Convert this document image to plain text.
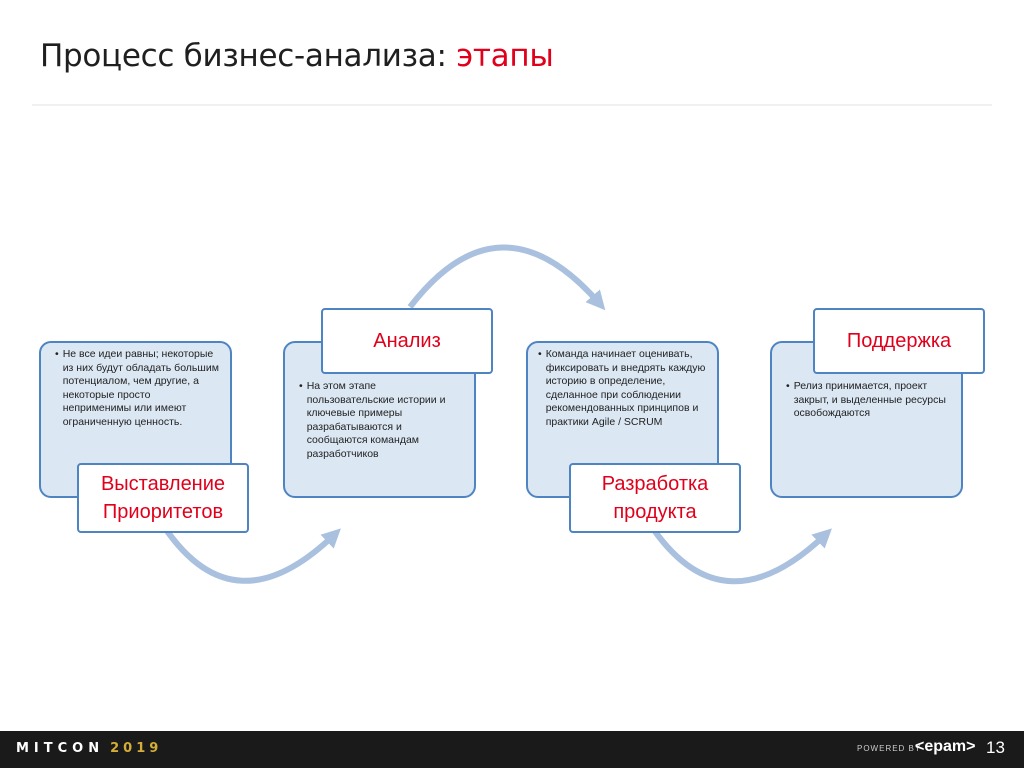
Процесс бизнес-анализа: этапы
• Не все идеи равны; некоторые из них будут обладать большим потенциалом, чем другие, а некоторые просто неприменимы или имеют ограниченную ценность.
Выставление
Приоритетов
• На этом этапе пользовательские истории и ключевые примеры разрабатываются и сообщаются командам разработчиков
Анализ
• Команда начинает оценивать, фиксировать и внедрять каждую историю в определение, сделанное при соблюдении рекомендованных принципов и практики Agile / SCRUM
Разработка
продукта
• Релиз принимается, проект закрыт, и выделенные ресурсы освобождаются
Поддержка
MITCON 2019	POWERED BY
<epam> 13
